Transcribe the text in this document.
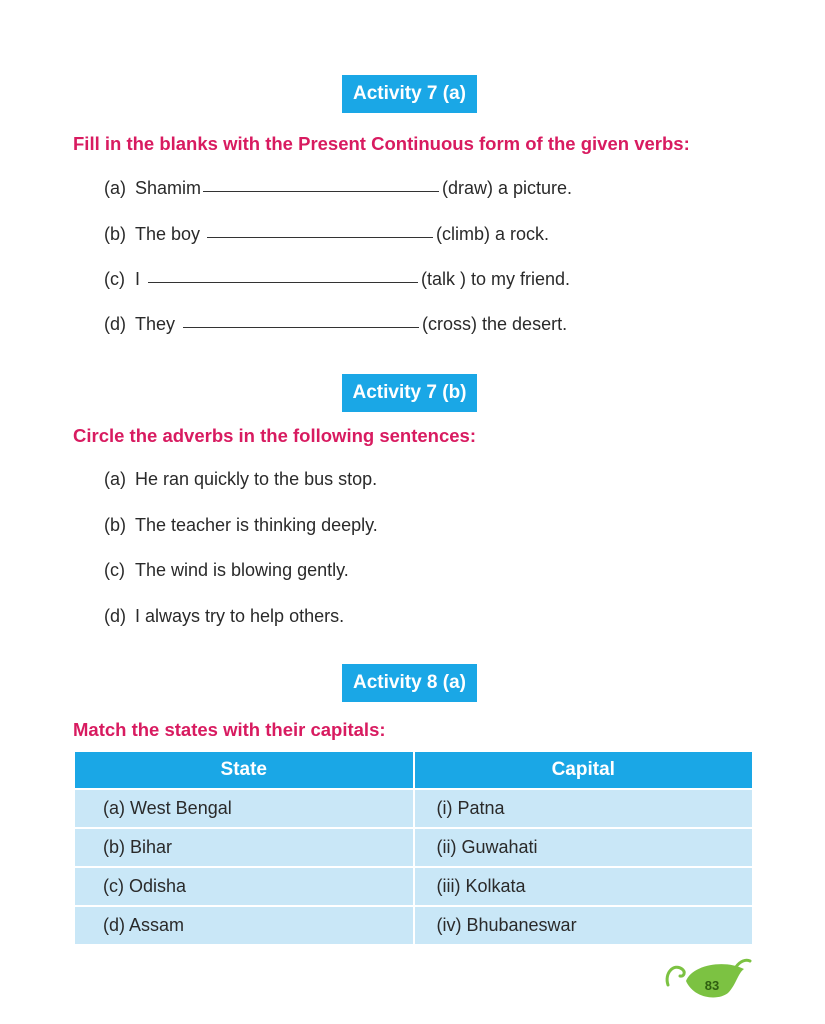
Activity 7 (a)
Fill in the blanks with the Present Continuous form of the given verbs:
(a) Shamim	(draw) a picture.
(b) The boy	(climb) a rock.
(c) I	(talk ) to my friend.
(d) They	(cross) the desert.
Activity 7 (b)
Circle the adverbs in the following sentences:
(a) He ran quickly to the bus stop.
(b) The teacher is thinking deeply.
(c) The wind is blowing gently.
(d) I always try to help others.
Activity 8 (a)
Match the states with their capitals:
State	Capital
(a) West Bengal	(i) Patna
(b) Bihar	(ii) Guwahati
(c) Odisha	(iii) Kolkata
(d) Assam	(iv) Bhubaneswar
83
